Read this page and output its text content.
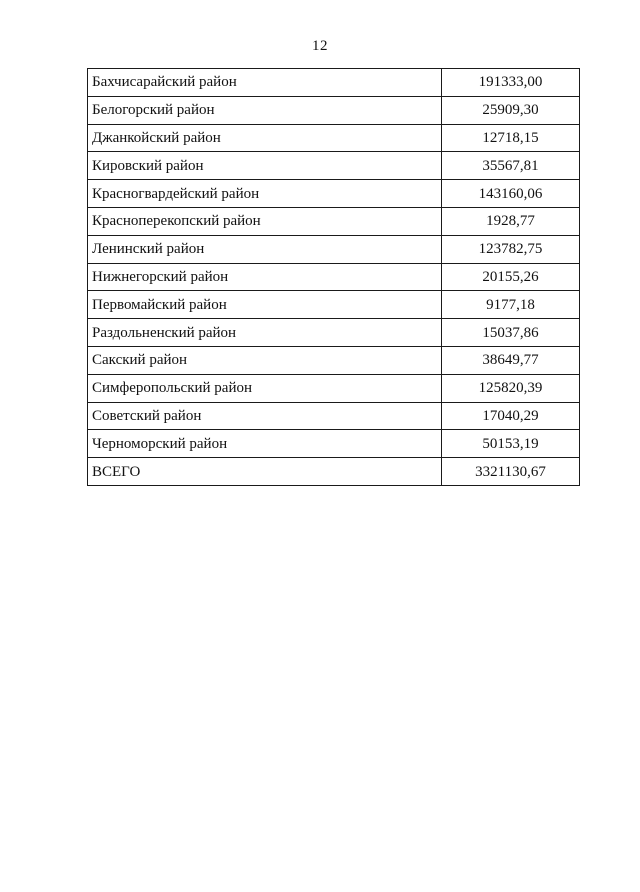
12
Бахчисарайский район	191333,00
Белогорский район	25909,30
Джанкойский район	12718,15
Кировский район	35567,81
Красногвардейский район	143160,06
Красноперекопский район	1928,77
Ленинский район	123782,75
Нижнегорский район	20155,26
Первомайский район	9177,18
Раздольненский район	15037,86
Сакский район	38649,77
Симферопольский район	125820,39
Советский район	17040,29
Черноморский район	50153,19
ВСЕГО	3321130,67
